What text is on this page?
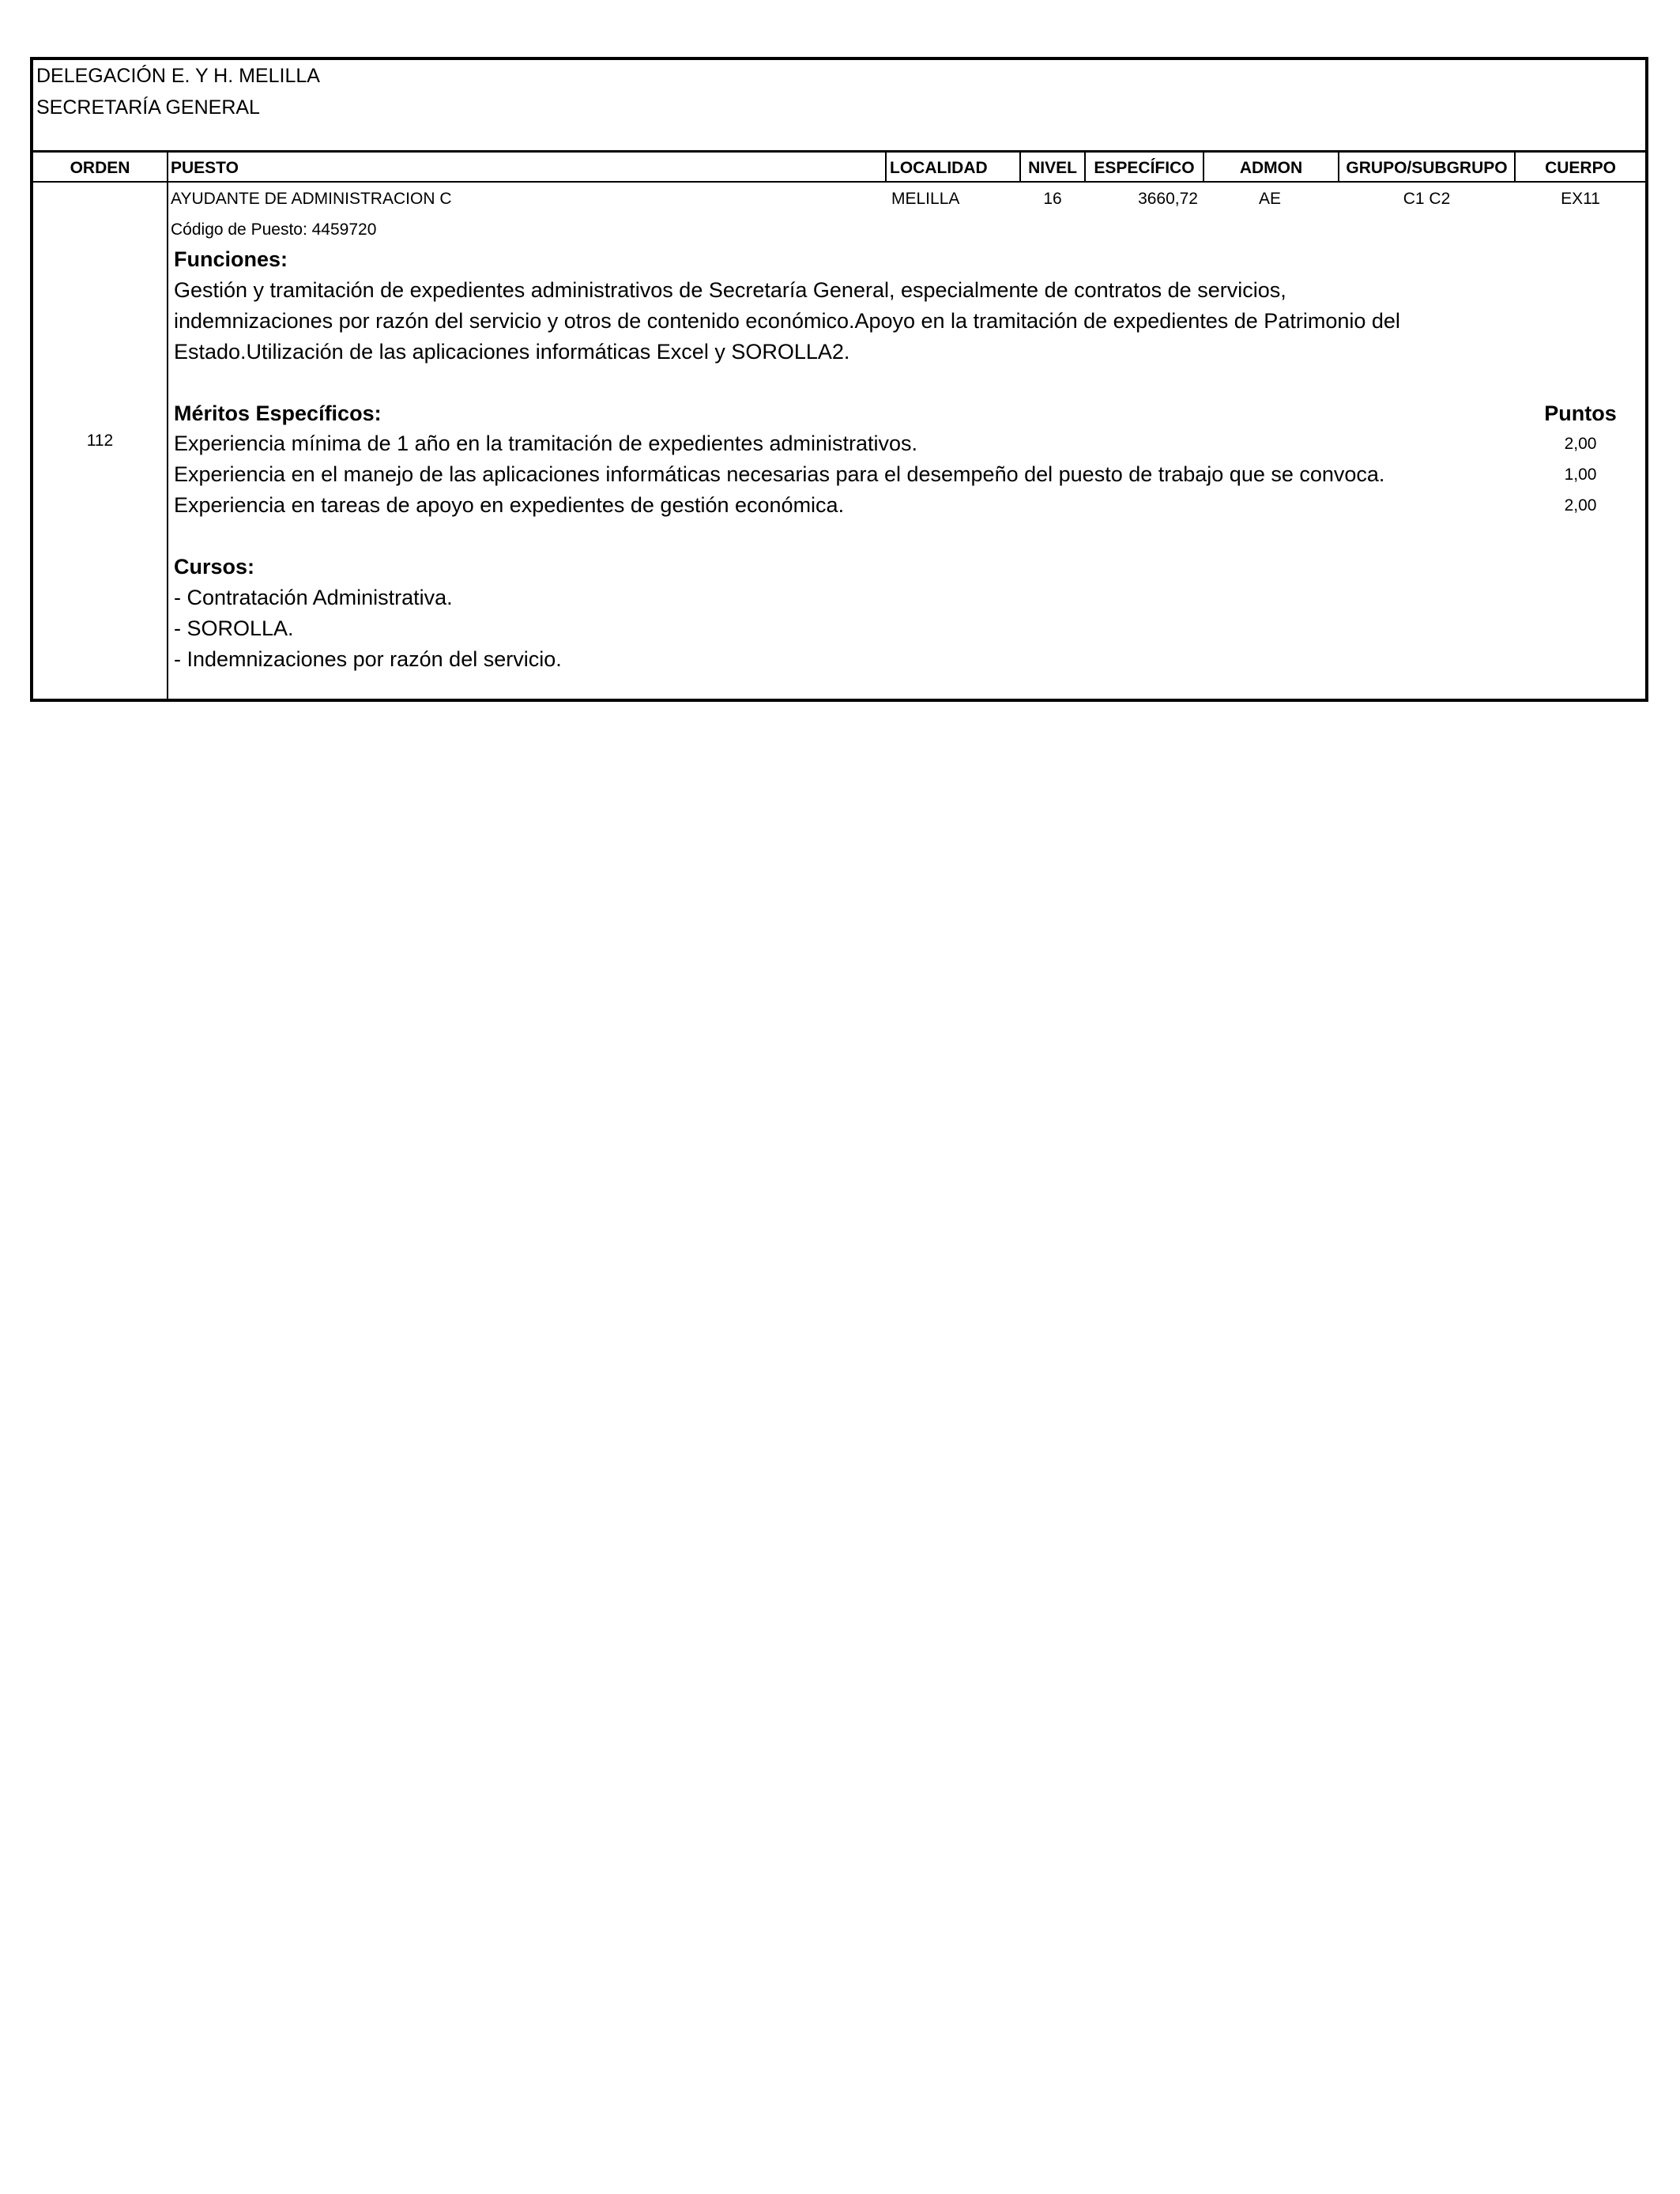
DELEGACIÓN E. Y H. MELILLA
SECRETARÍA GENERAL
ORDEN	PUESTO	LOCALIDAD	NIVEL	ESPECÍFICO	ADMON	GRUPO/SUBGRUPO	CUERPO
112
AYUDANTE DE ADMINISTRACION C	MELILLA	16	3660,72	AE	C1 C2	EX11
Código de Puesto: 4459720
Funciones:
Gestión y tramitación de expedientes administrativos de Secretaría General, especialmente de contratos de servicios,
indemnizaciones por razón del servicio y otros de contenido económico.Apoyo en la tramitación de expedientes de Patrimonio del
Estado.Utilización de las aplicaciones informáticas Excel y SOROLLA2.
Méritos Específicos:	Puntos
Experiencia mínima de 1 año en la tramitación de expedientes administrativos.	2,00
Experiencia en el manejo de las aplicaciones informáticas necesarias para el desempeño del puesto de trabajo que se convoca.	1,00
Experiencia en tareas de apoyo en expedientes de gestión económica.	2,00
Cursos:
- Contratación Administrativa.
- SOROLLA.
- Indemnizaciones por razón del servicio.
